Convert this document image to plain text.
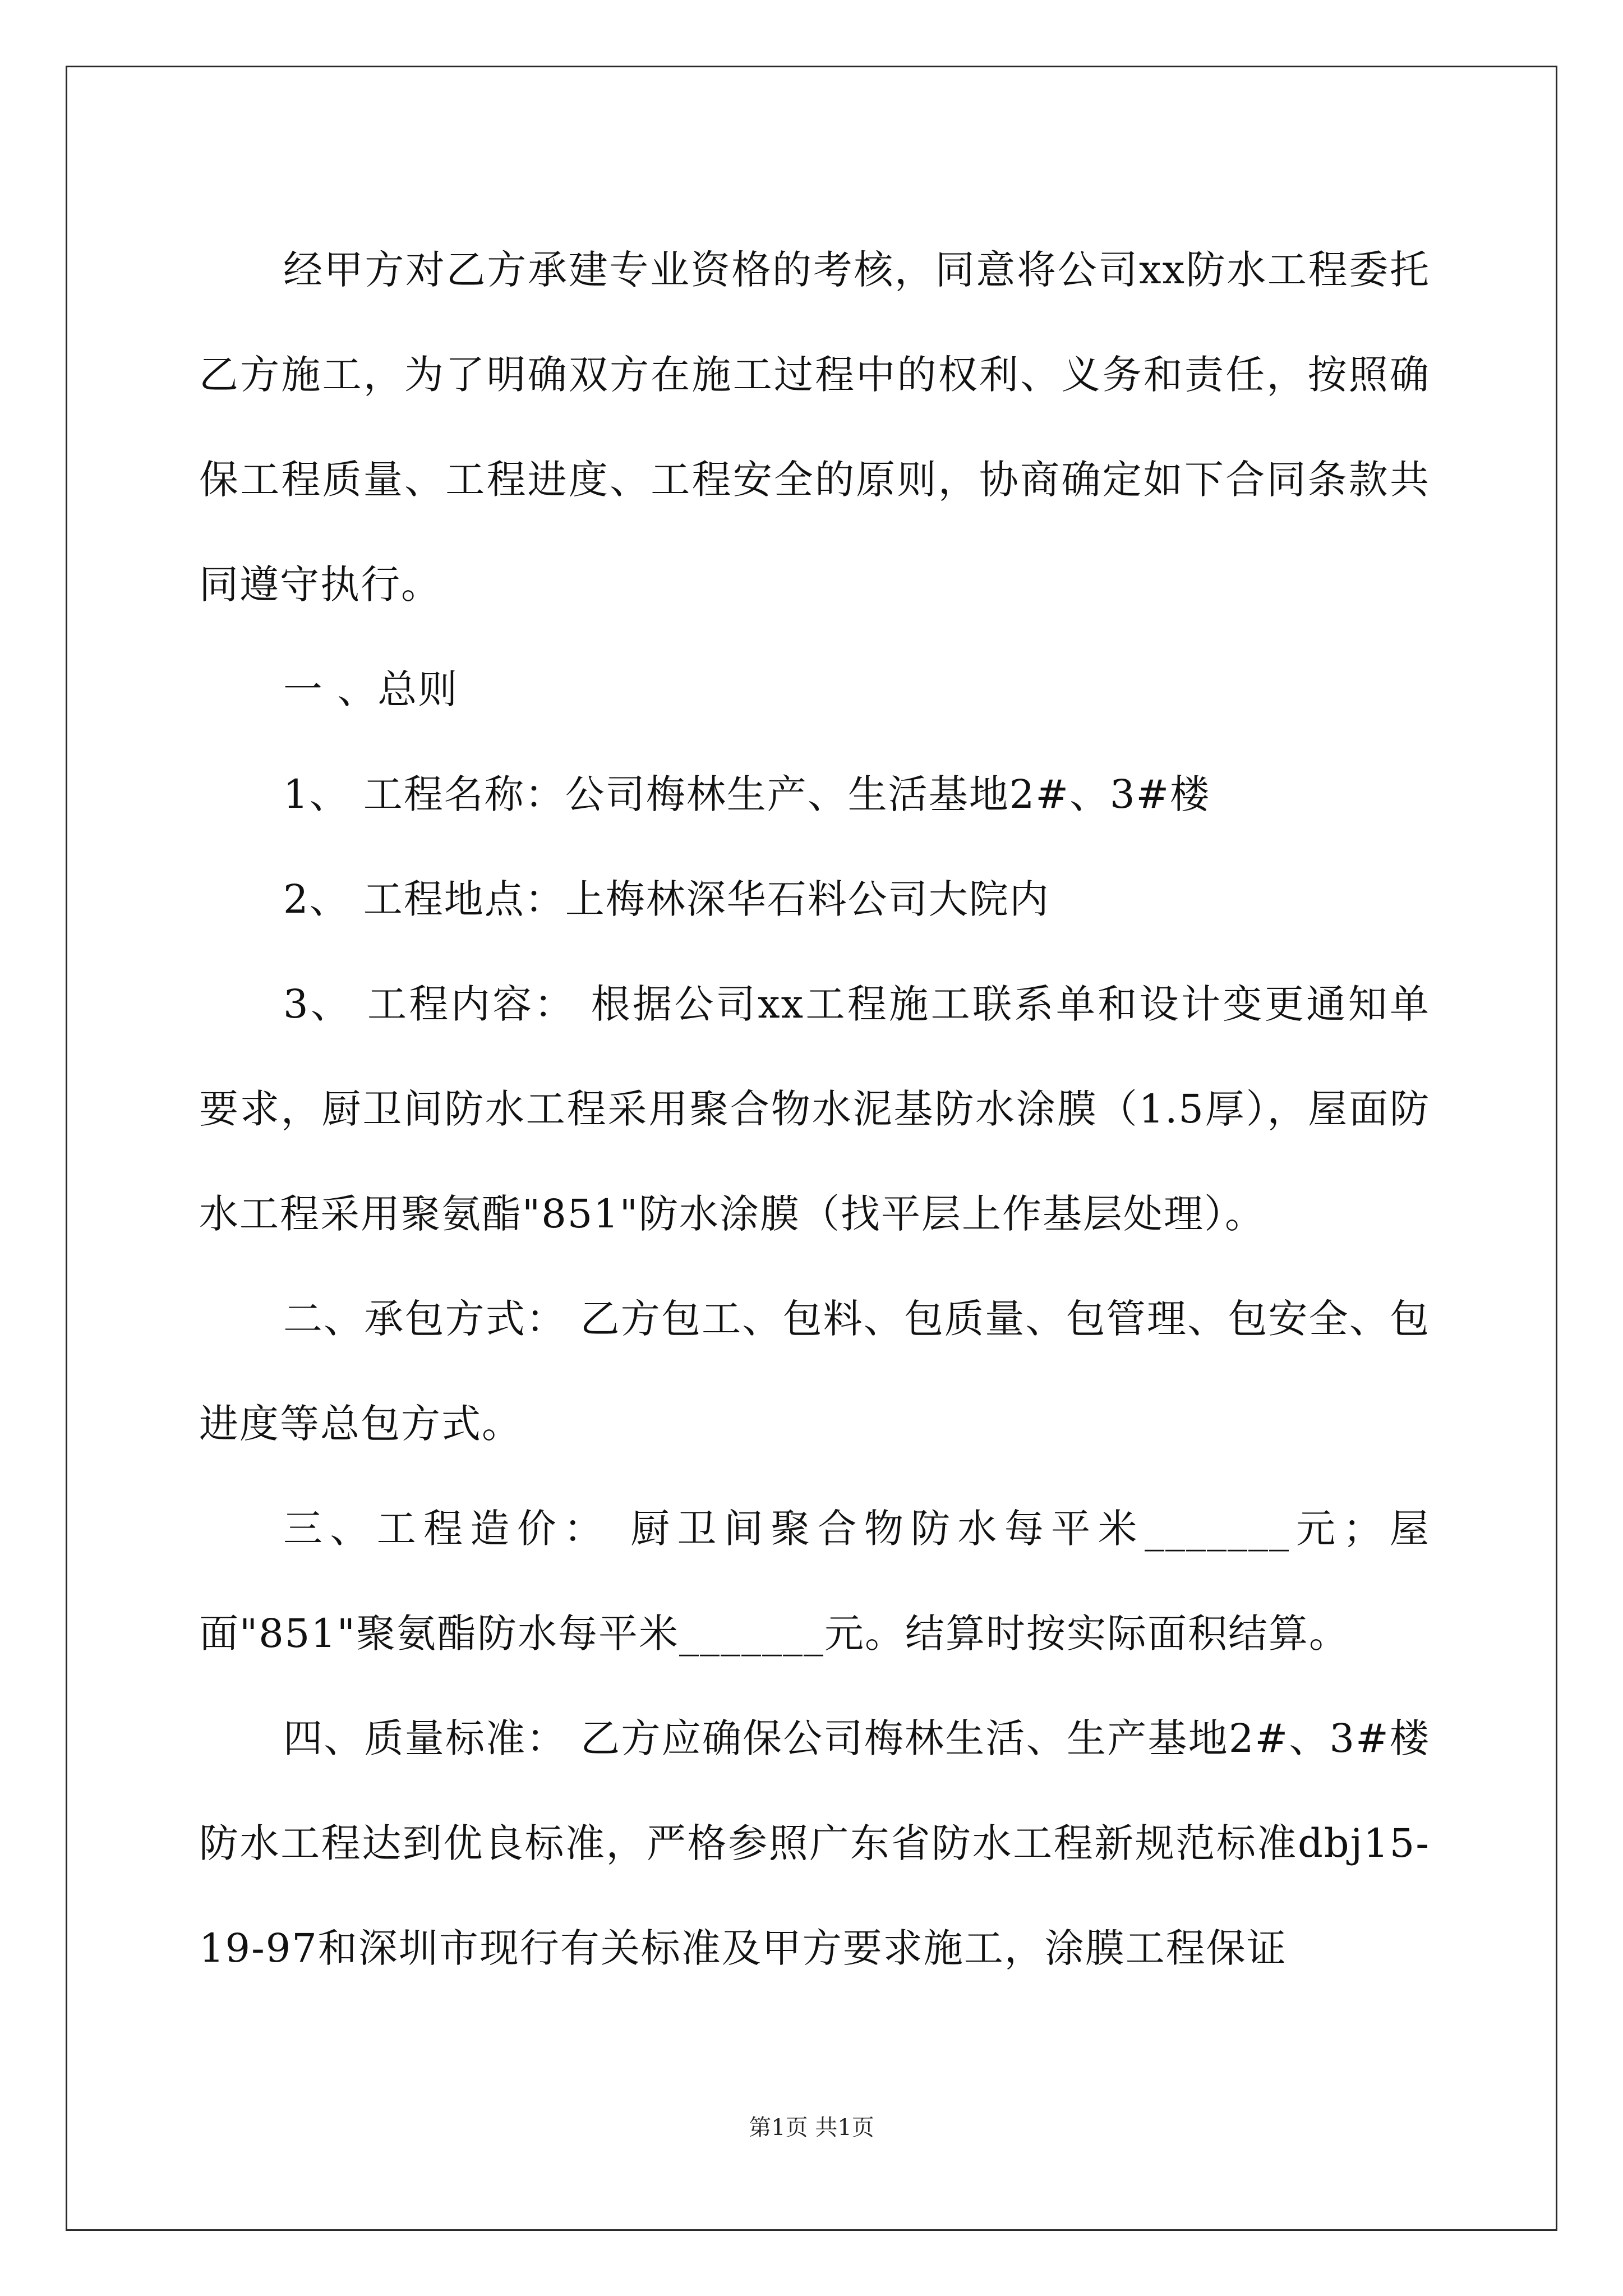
经甲方对乙方承建专业资格的考核，同意将公司xx防水工程委托乙方施工，为了明确双方在施工过程中的权利、义务和责任，按照确保工程质量、工程进度、工程安全的原则，协商确定如下合同条款共同遵守执行。

一 、总则

1、 工程名称：公司梅林生产、生活基地2#、3#楼

2、 工程地点：上梅林深华石料公司大院内

3、 工程内容： 根据公司xx工程施工联系单和设计变更通知单要求，厨卫间防水工程采用聚合物水泥基防水涂膜（1.5厚），屋面防水工程采用聚氨酯"851"防水涂膜（找平层上作基层处理）。

二、承包方式： 乙方包工、包料、包质量、包管理、包安全、包进度等总包方式。

三、工程造价： 厨卫间聚合物防水每平米_______元；屋面"851"聚氨酯防水每平米_______元。结算时按实际面积结算。

四、质量标准： 乙方应确保公司梅林生活、生产基地2#、3#楼防水工程达到优良标准，严格参照广东省防水工程新规范标准dbj15-19-97和深圳市现行有关标准及甲方要求施工，涂膜工程保证

第1页 共1页
